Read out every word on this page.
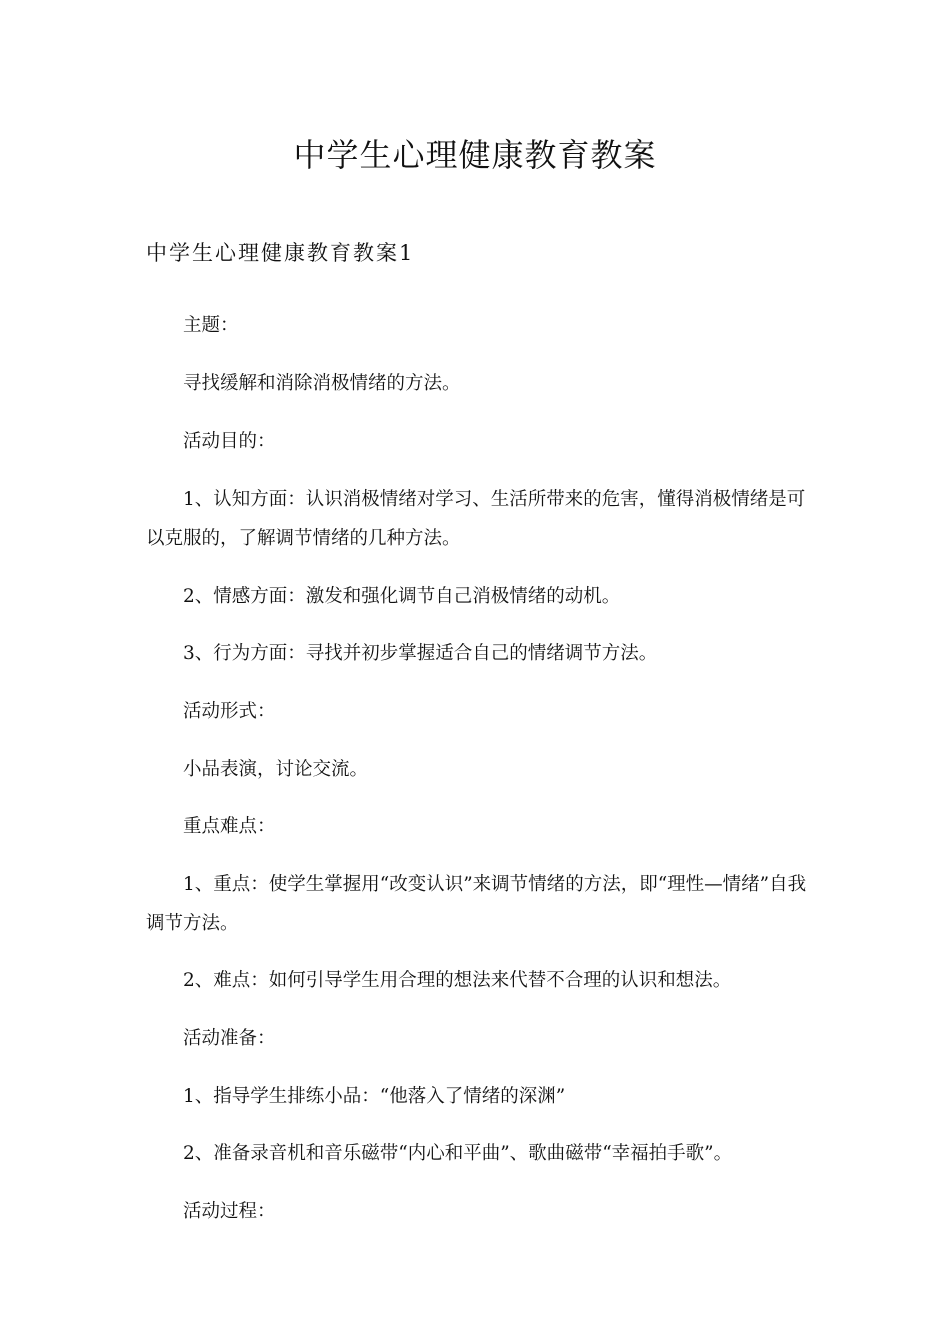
中学生心理健康教育教案
中学生心理健康教育教案1

主题：

寻找缓解和消除消极情绪的方法。

活动目的：

1、认知方面：认识消极情绪对学习、生活所带来的危害，懂得消极情绪是可以克服的，了解调节情绪的几种方法。

2、情感方面：激发和强化调节自己消极情绪的动机。

3、行为方面：寻找并初步掌握适合自己的情绪调节方法。

活动形式：

小品表演，讨论交流。

重点难点：

1、重点：使学生掌握用“改变认识”来调节情绪的方法，即“理性—情绪”自我调节方法。

2、难点：如何引导学生用合理的想法来代替不合理的认识和想法。

活动准备：

1、指导学生排练小品：“他落入了情绪的深渊”

2、准备录音机和音乐磁带“内心和平曲”、歌曲磁带“幸福拍手歌”。

活动过程：
